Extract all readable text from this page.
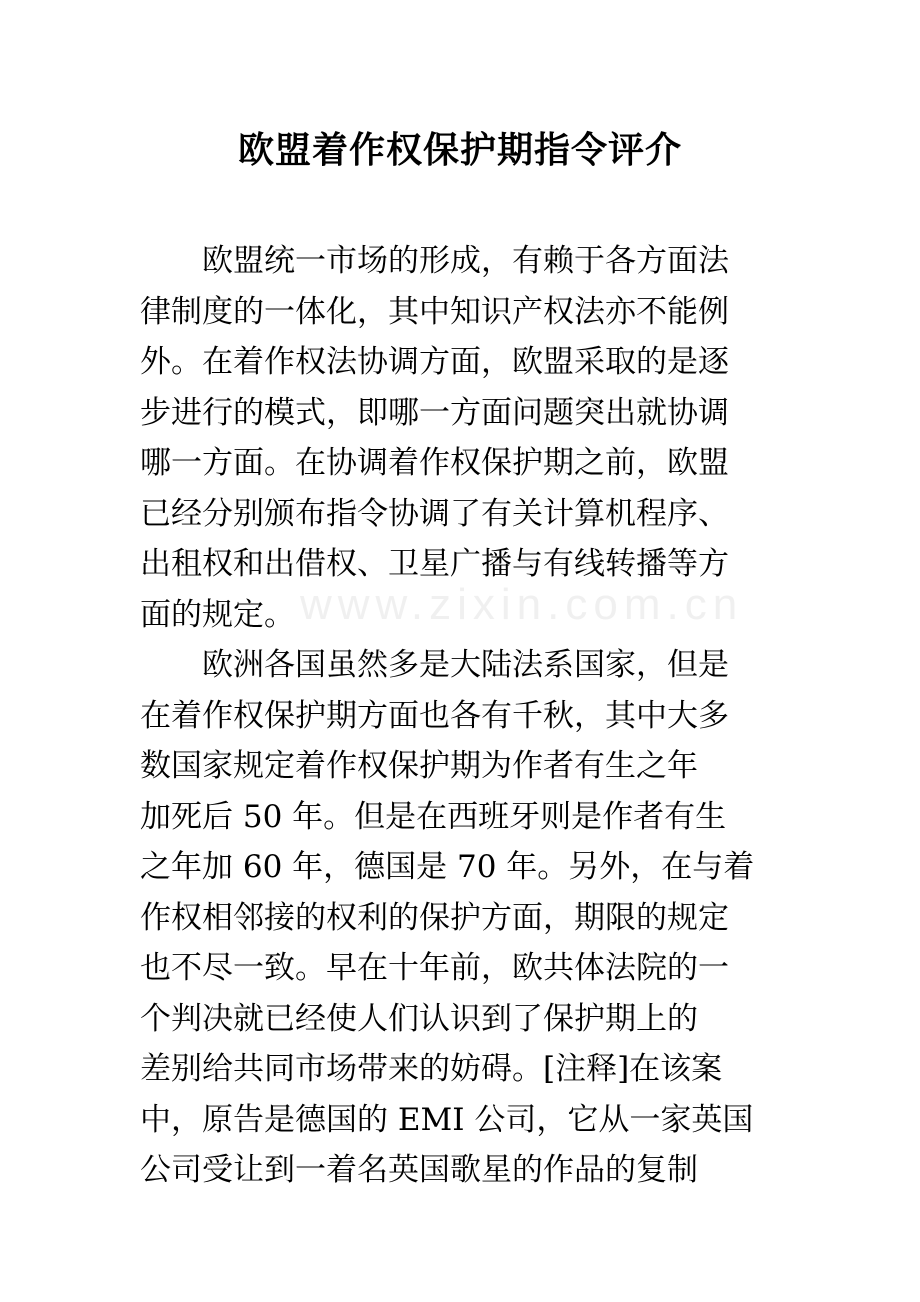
www.zixin.com.cn
欧盟着作权保护期指令评介
　　欧盟统一市场的形成，有赖于各方面法
律制度的一体化，其中知识产权法亦不能例
外。在着作权法协调方面，欧盟采取的是逐
步进行的模式，即哪一方面问题突出就协调
哪一方面。在协调着作权保护期之前，欧盟
已经分别颁布指令协调了有关计算机程序、
出租权和出借权、卫星广播与有线转播等方
面的规定。
　　欧洲各国虽然多是大陆法系国家，但是
在着作权保护期方面也各有千秋，其中大多
数国家规定着作权保护期为作者有生之年
加死后 50 年。但是在西班牙则是作者有生
之年加 60 年，德国是 70 年。另外，在与着
作权相邻接的权利的保护方面，期限的规定
也不尽一致。早在十年前，欧共体法院的一
个判决就已经使人们认识到了保护期上的
差别给共同市场带来的妨碍。[注释]在该案
中，原告是德国的 EMI 公司，它从一家英国
公司受让到一着名英国歌星的作品的复制
